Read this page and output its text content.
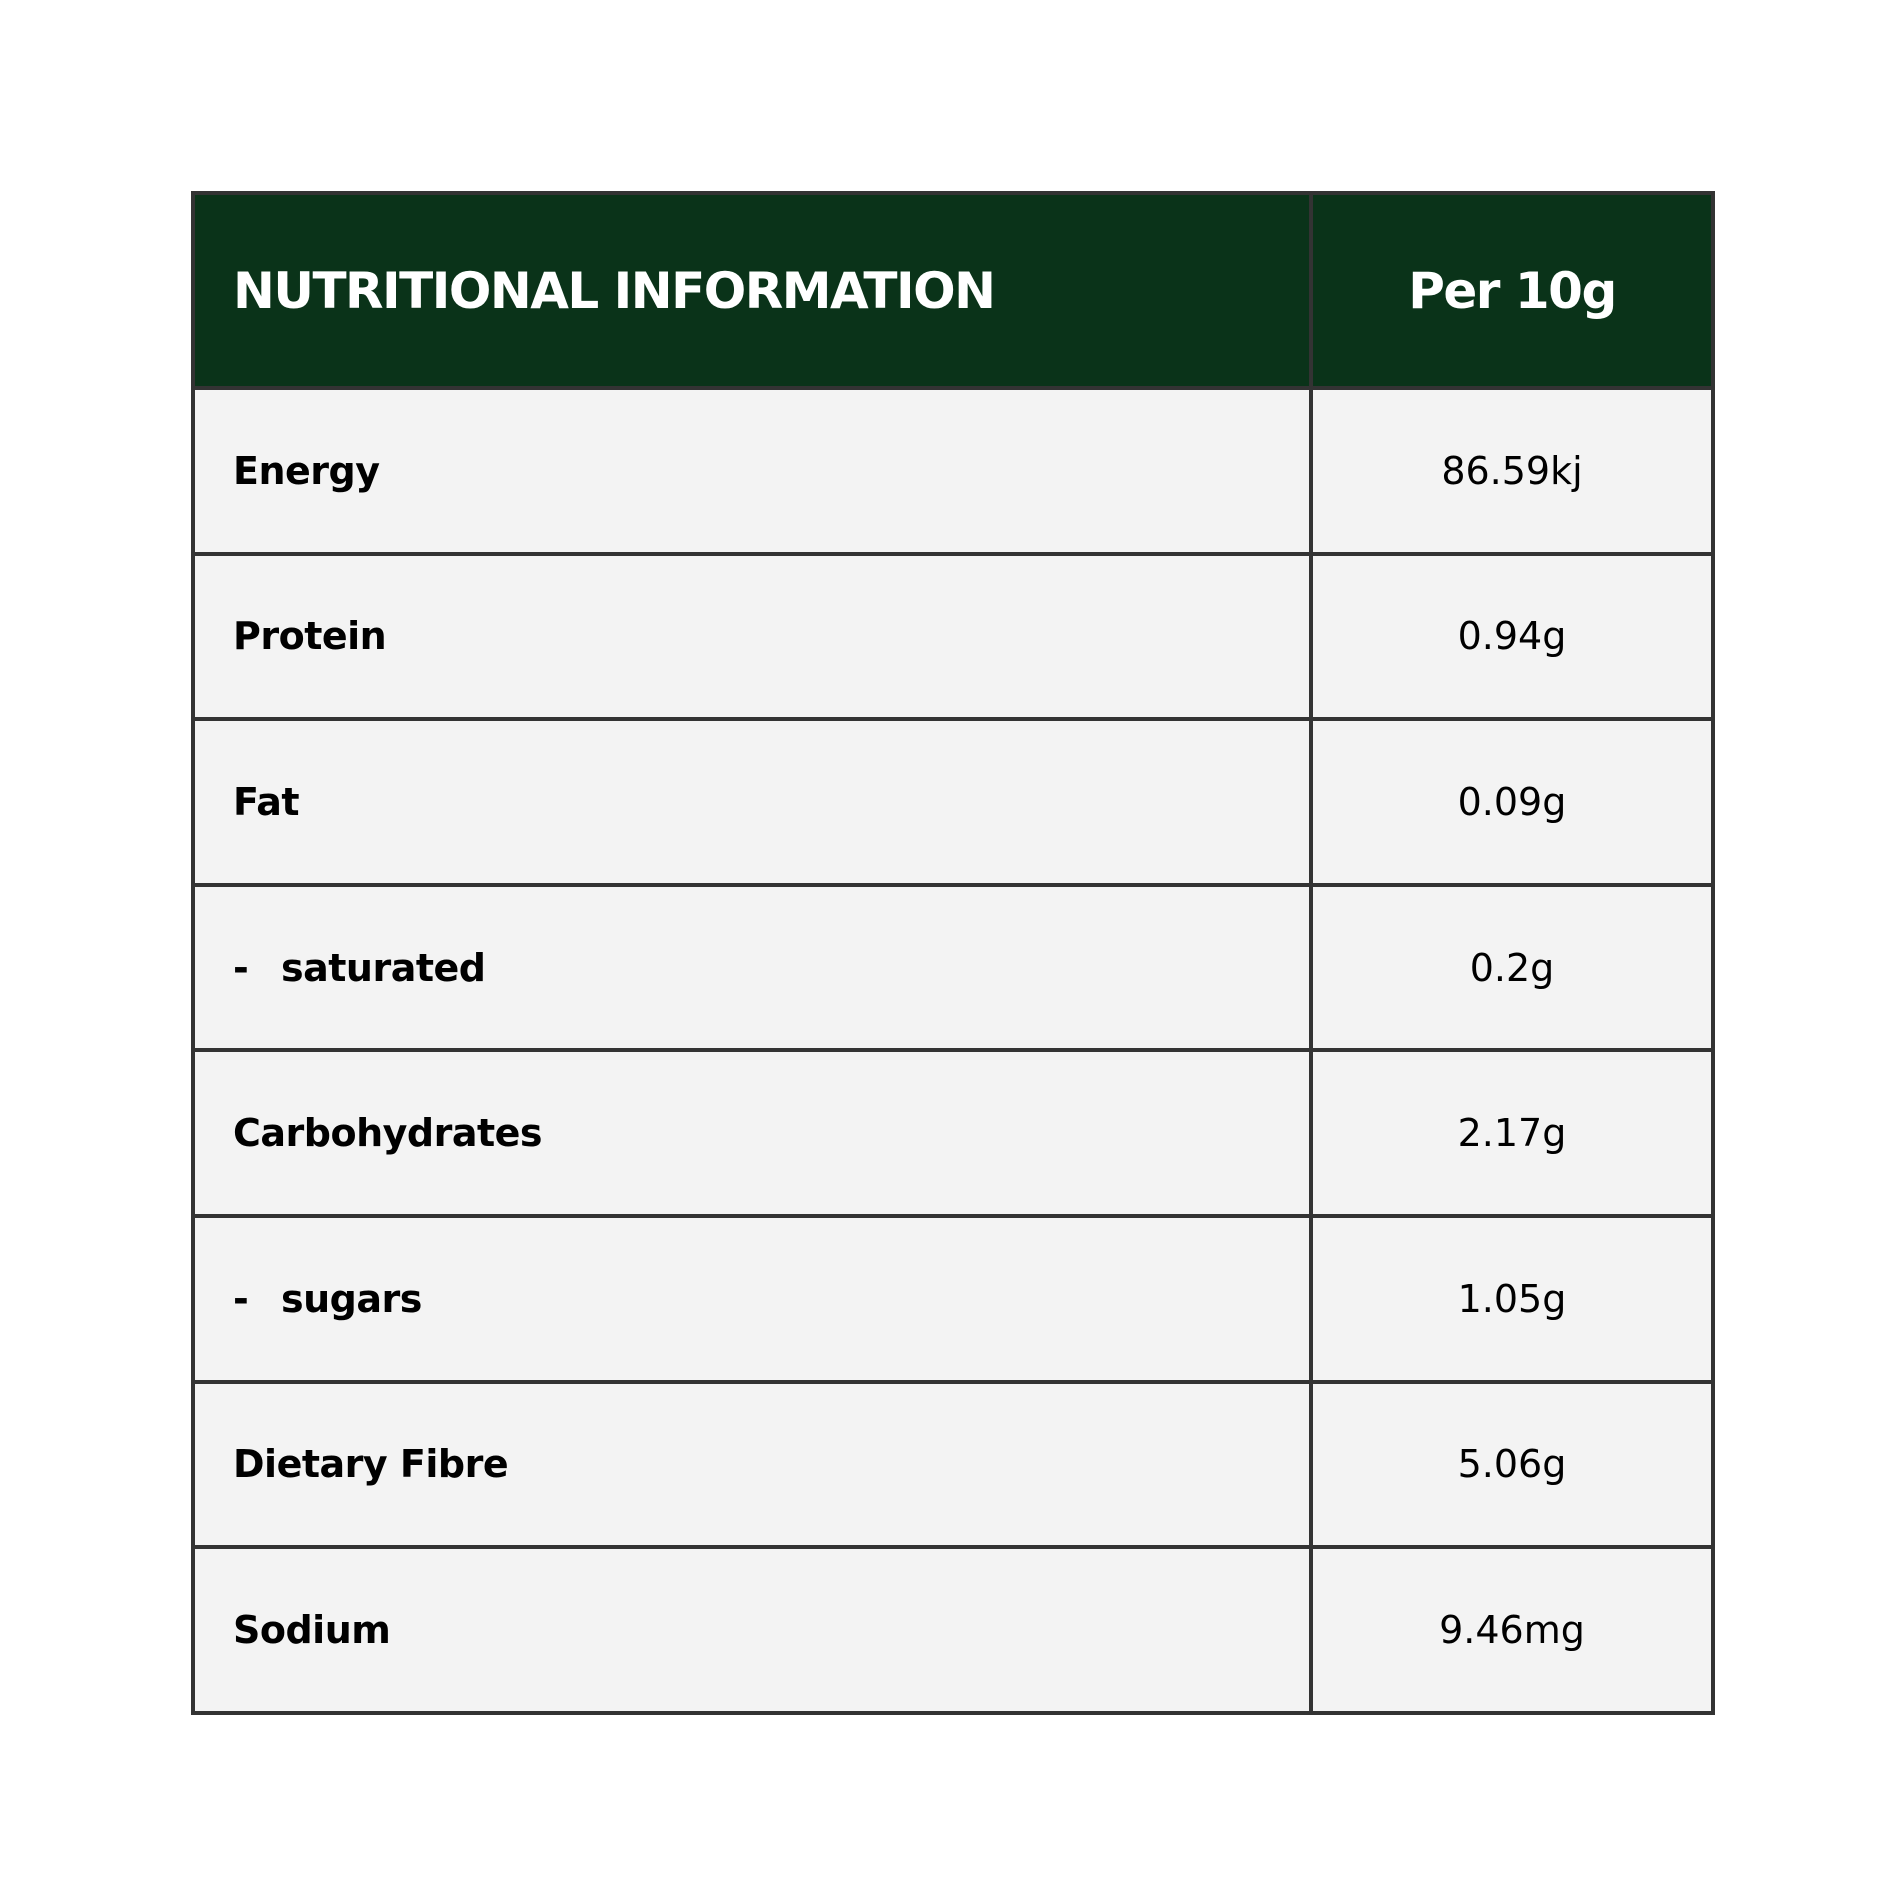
NUTRITIONAL INFORMATION	Per 10g
Energy	86.59kj
Protein	0.94g
Fat	0.09g
- saturated	0.2g
Carbohydrates	2.17g
- sugars	1.05g
Dietary Fibre	5.06g
Sodium	9.46mg
